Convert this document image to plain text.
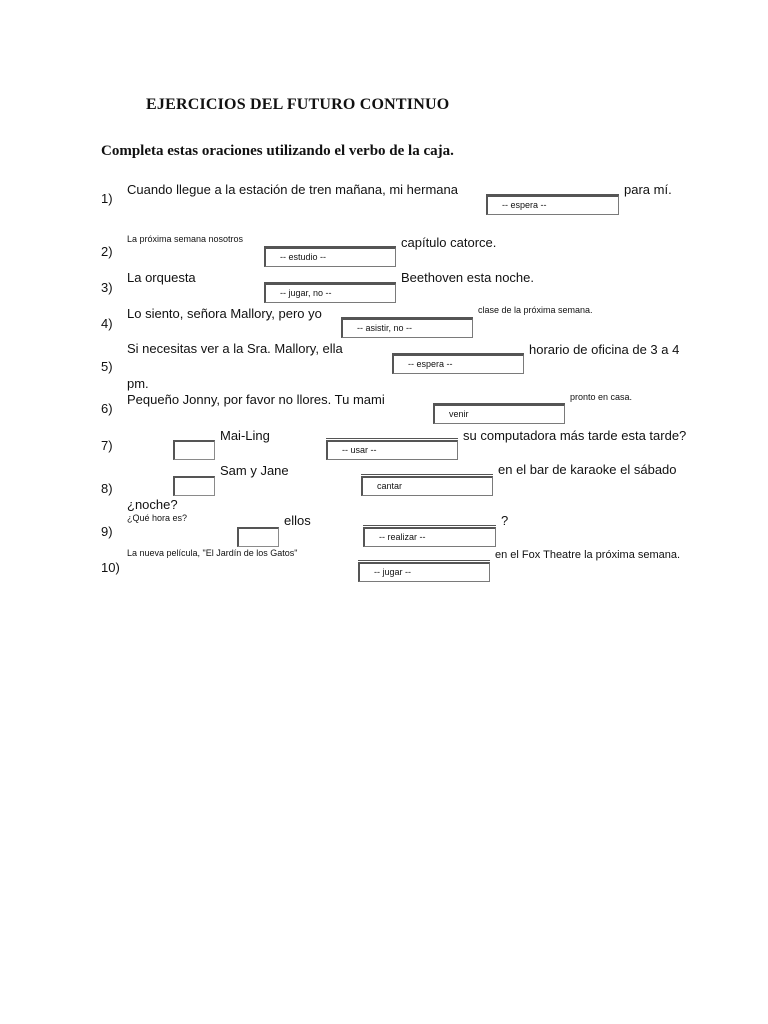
EJERCICIOS DEL FUTURO CONTINUO
Completa estas oraciones utilizando el verbo de la caja.
1)
Cuando llegue a la estación de tren mañana, mi hermana
-- espera --
para mí.
2)
La próxima semana nosotros
-- estudio --
capítulo catorce.
3)
La orquesta
-- jugar, no --
Beethoven esta noche.
4)
Lo siento, señora Mallory, pero yo
-- asistir, no --
clase de la próxima semana.
5)
Si necesitas ver a la Sra. Mallory, ella
-- espera --
horario de oficina de 3 a 4
pm.
6)
Pequeño Jonny, por favor no llores. Tu mami
venir
pronto en casa.
7)
Mai-Ling
-- usar --
su computadora más tarde esta tarde?
8)
Sam y Jane
cantar
en el bar de karaoke el sábado
¿noche?
9)
¿Qué hora es?	ellos
-- realizar --
?
10)
La nueva película, "El Jardín de los Gatos"
-- jugar --
en el Fox Theatre la próxima semana.
